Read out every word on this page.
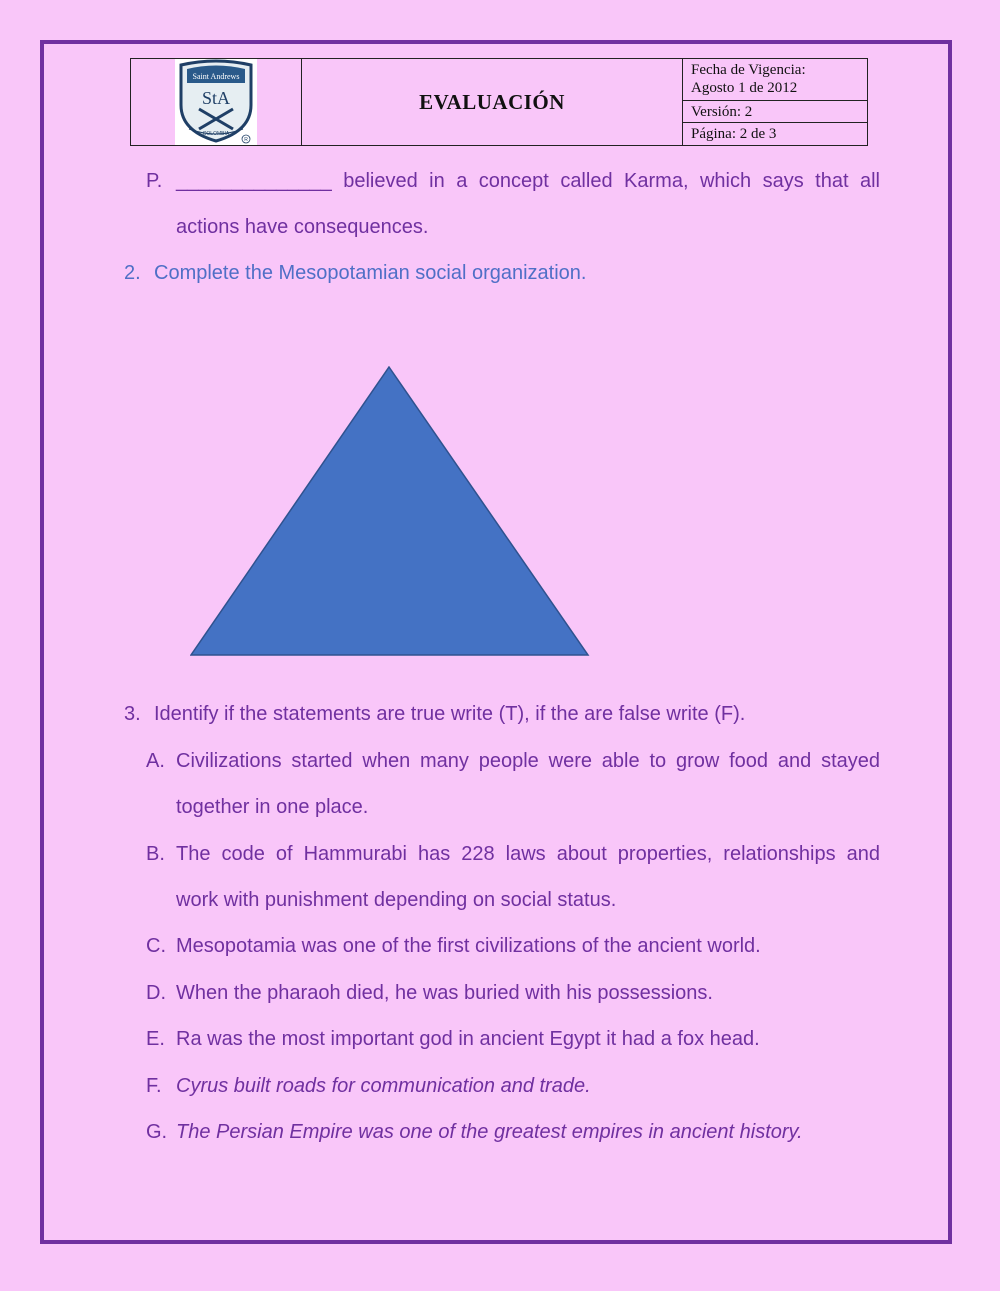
Saint Andrews
StA
COLOMBIA
R
	EVALUACIÓN	
Fecha de Vigencia:
Agosto 1 de 2012

Versión: 2
Página: 2 de 3
P. ______________ believed in a concept called Karma, which says that all
actions have consequences.
2. Complete the Mesopotamian social organization.
3. Identify if the statements are true write (T), if the are false write (F).
A. Civilizations started when many people were able to grow food and stayed
together in one place.
B. The code of Hammurabi has 228 laws about properties, relationships and
work with punishment depending on social status.
C. Mesopotamia was one of the first civilizations of the ancient world.
D. When the pharaoh died, he was buried with his possessions.
E. Ra was the most important god in ancient Egypt it had a fox head.
F. Cyrus built roads for communication and trade.
G. The Persian Empire was one of the greatest empires in ancient history.
